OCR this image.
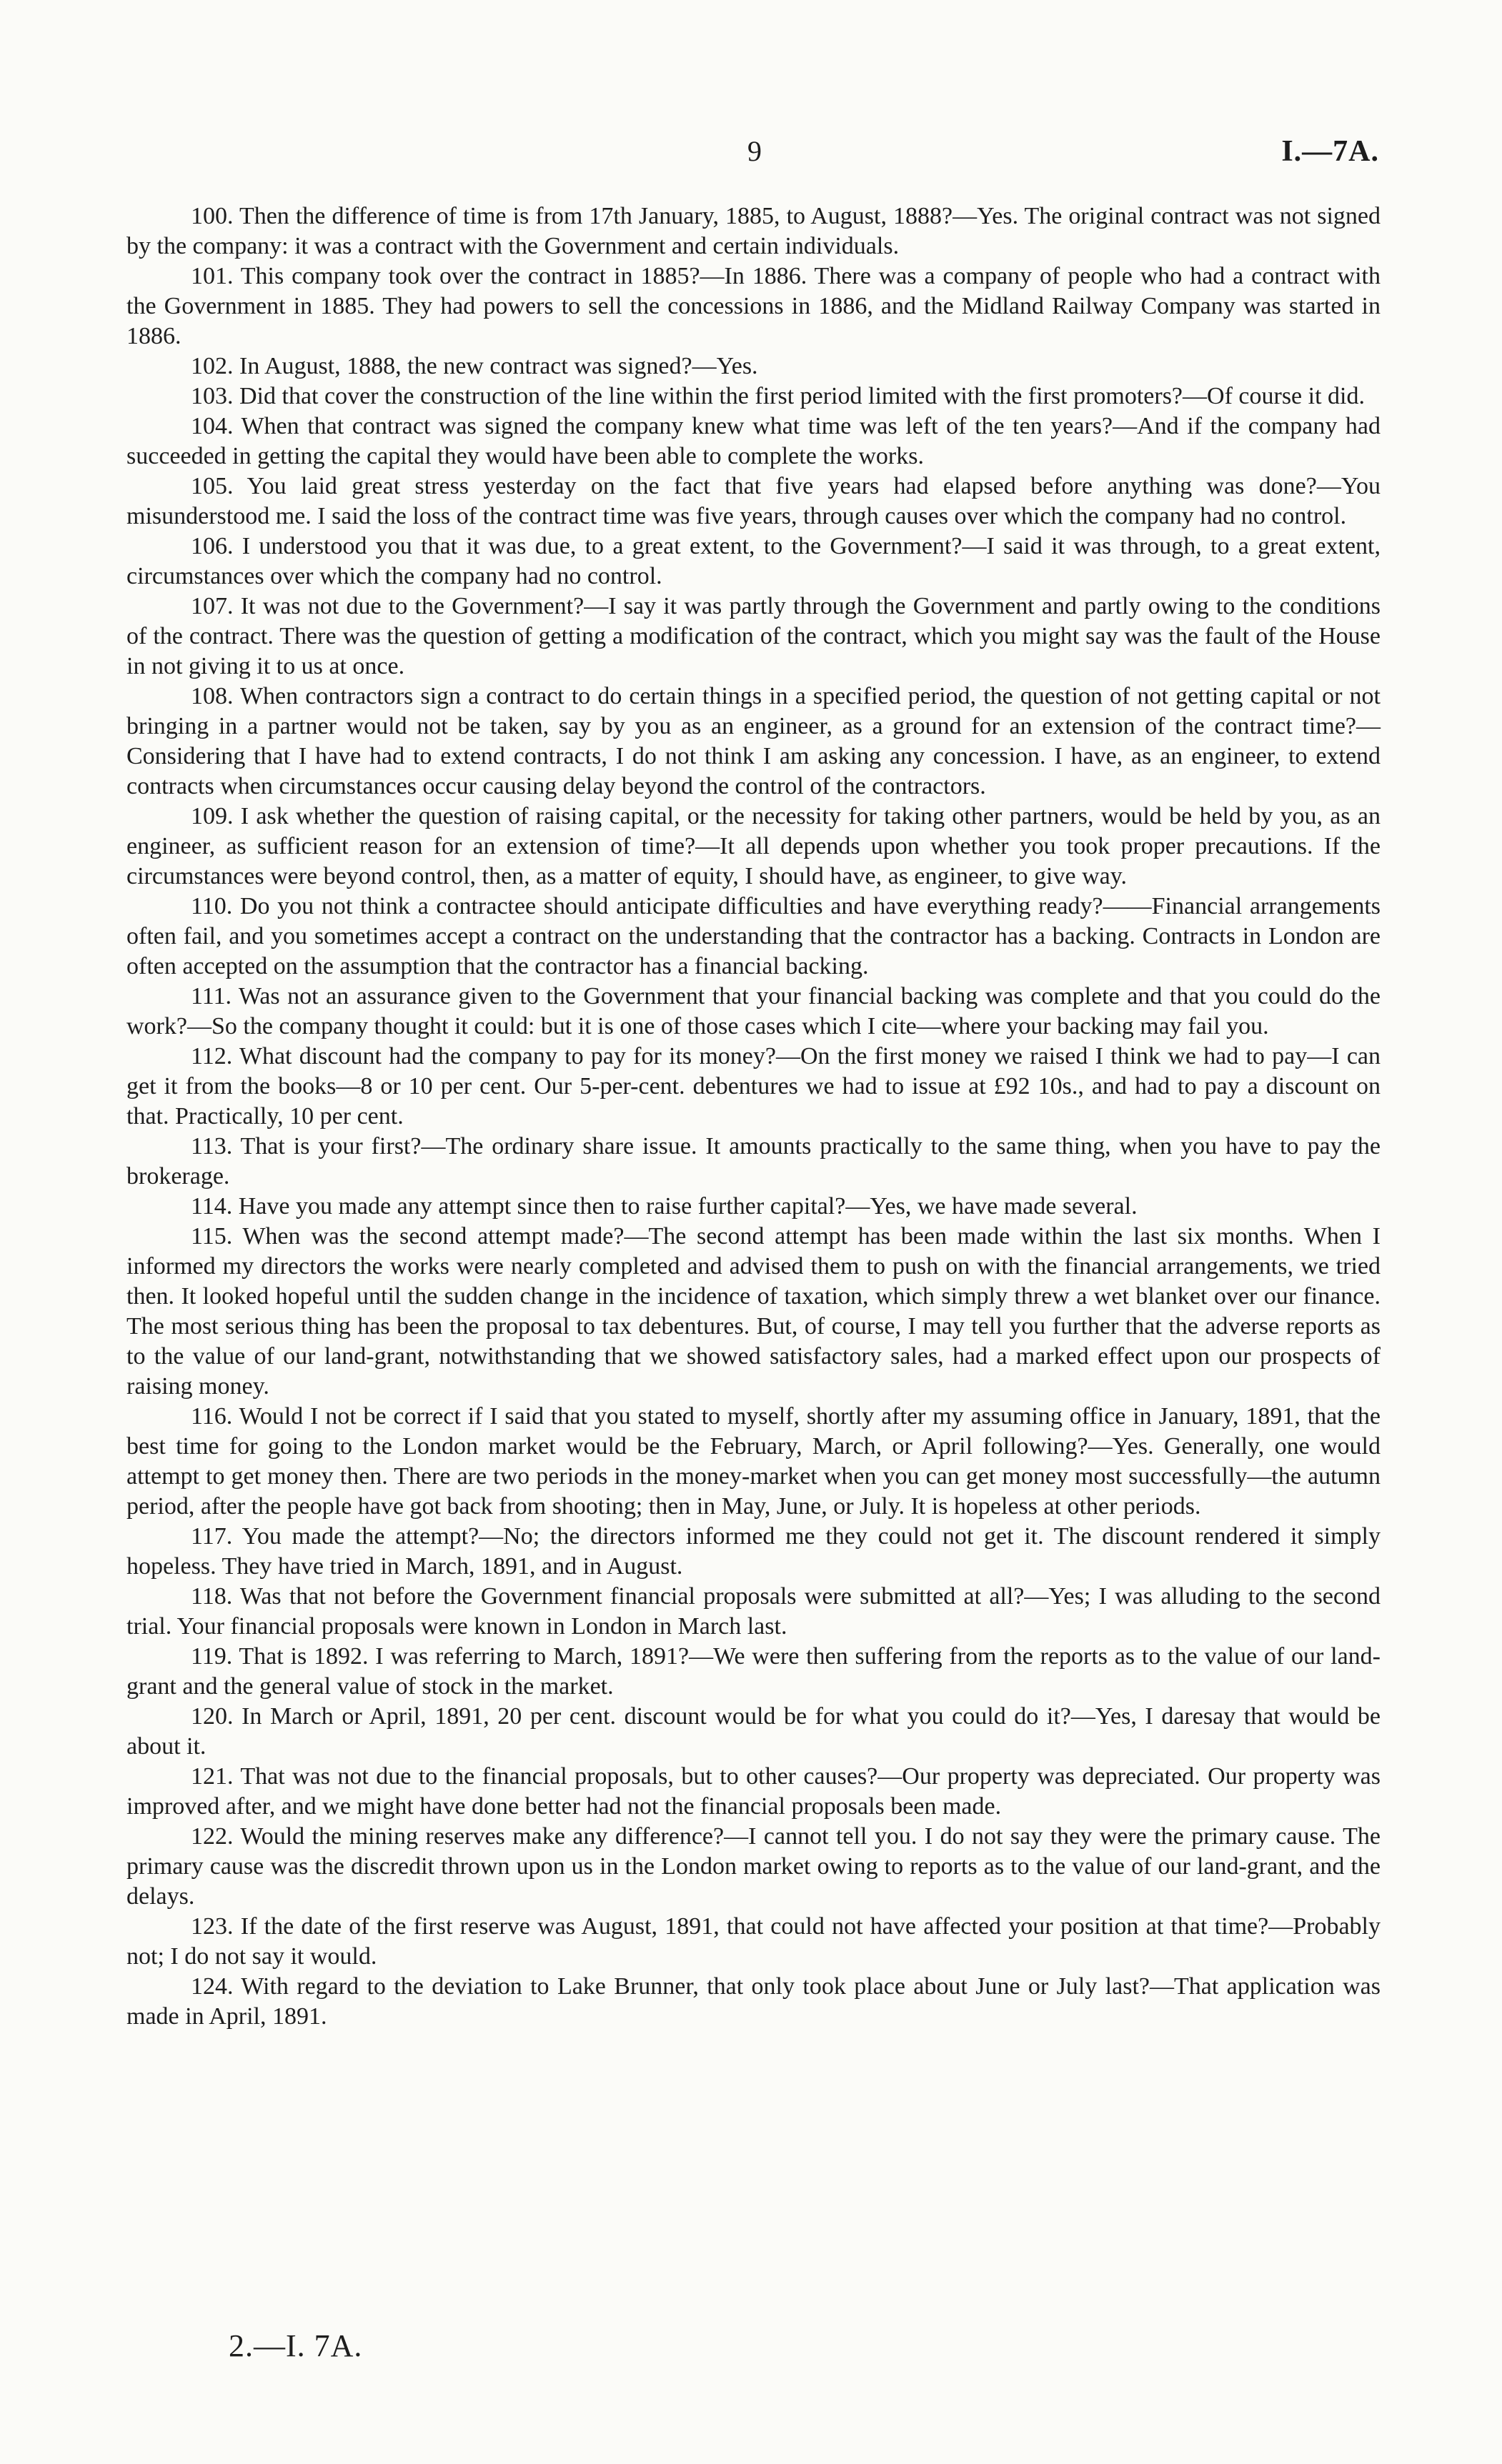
9	I.—7A.

100. Then the difference of time is from 17th January, 1885, to August, 1888?—Yes. The original contract was not signed by the company: it was a contract with the Government and certain individuals.

101. This company took over the contract in 1885?—In 1886. There was a company of people who had a contract with the Government in 1885. They had powers to sell the concessions in 1886, and the Midland Railway Company was started in 1886.

102. In August, 1888, the new contract was signed?—Yes.

103. Did that cover the construction of the line within the first period limited with the first promoters?—Of course it did.

104. When that contract was signed the company knew what time was left of the ten years?—And if the company had succeeded in getting the capital they would have been able to complete the works.

105. You laid great stress yesterday on the fact that five years had elapsed before anything was done?—You misunderstood me. I said the loss of the contract time was five years, through causes over which the company had no control.

106. I understood you that it was due, to a great extent, to the Government?—I said it was through, to a great extent, circumstances over which the company had no control.

107. It was not due to the Government?—I say it was partly through the Government and partly owing to the conditions of the contract. There was the question of getting a modification of the contract, which you might say was the fault of the House in not giving it to us at once.

108. When contractors sign a contract to do certain things in a specified period, the question of not getting capital or not bringing in a partner would not be taken, say by you as an engineer, as a ground for an extension of the contract time?—Considering that I have had to extend contracts, I do not think I am asking any concession. I have, as an engineer, to extend contracts when circumstances occur causing delay beyond the control of the contractors.

109. I ask whether the question of raising capital, or the necessity for taking other partners, would be held by you, as an engineer, as sufficient reason for an extension of time?—It all depends upon whether you took proper precautions. If the circumstances were beyond control, then, as a matter of equity, I should have, as engineer, to give way.

110. Do you not think a contractee should anticipate difficulties and have everything ready?——Financial arrangements often fail, and you sometimes accept a contract on the understanding that the contractor has a backing. Contracts in London are often accepted on the assumption that the contractor has a financial backing.

111. Was not an assurance given to the Government that your financial backing was complete and that you could do the work?—So the company thought it could: but it is one of those cases which I cite—where your backing may fail you.

112. What discount had the company to pay for its money?—On the first money we raised I think we had to pay—I can get it from the books—8 or 10 per cent. Our 5-per-cent. debentures we had to issue at £92 10s., and had to pay a discount on that. Practically, 10 per cent.

113. That is your first?—The ordinary share issue. It amounts practically to the same thing, when you have to pay the brokerage.

114. Have you made any attempt since then to raise further capital?—Yes, we have made several.

115. When was the second attempt made?—The second attempt has been made within the last six months. When I informed my directors the works were nearly completed and advised them to push on with the financial arrangements, we tried then. It looked hopeful until the sudden change in the incidence of taxation, which simply threw a wet blanket over our finance. The most serious thing has been the proposal to tax debentures. But, of course, I may tell you further that the adverse reports as to the value of our land-grant, notwithstanding that we showed satisfactory sales, had a marked effect upon our prospects of raising money.

116. Would I not be correct if I said that you stated to myself, shortly after my assuming office in January, 1891, that the best time for going to the London market would be the February, March, or April following?—Yes. Generally, one would attempt to get money then. There are two periods in the money-market when you can get money most successfully—the autumn period, after the people have got back from shooting; then in May, June, or July. It is hopeless at other periods.

117. You made the attempt?—No; the directors informed me they could not get it. The discount rendered it simply hopeless. They have tried in March, 1891, and in August.

118. Was that not before the Government financial proposals were submitted at all?—Yes; I was alluding to the second trial. Your financial proposals were known in London in March last.

119. That is 1892. I was referring to March, 1891?—We were then suffering from the reports as to the value of our land-grant and the general value of stock in the market.

120. In March or April, 1891, 20 per cent. discount would be for what you could do it?—Yes, I daresay that would be about it.

121. That was not due to the financial proposals, but to other causes?—Our property was depreciated. Our property was improved after, and we might have done better had not the financial proposals been made.

122. Would the mining reserves make any difference?—I cannot tell you. I do not say they were the primary cause. The primary cause was the discredit thrown upon us in the London market owing to reports as to the value of our land-grant, and the delays.

123. If the date of the first reserve was August, 1891, that could not have affected your position at that time?—Probably not; I do not say it would.

124. With regard to the deviation to Lake Brunner, that only took place about June or July last?—That application was made in April, 1891.

2.—I. 7A.
